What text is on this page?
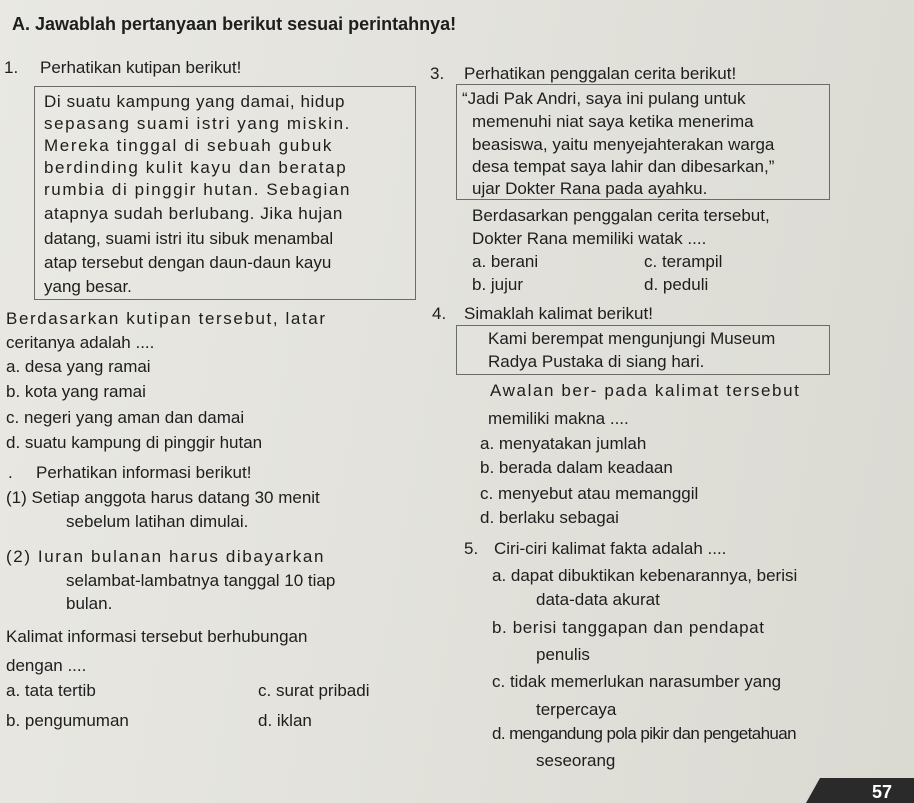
A. Jawablah pertanyaan berikut sesuai perintahnya!
1. Perhatikan kutipan berikut!
Di suatu kampung yang damai, hidup
sepasang suami istri yang miskin.
Mereka tinggal di sebuah gubuk
berdinding kulit kayu dan beratap
rumbia di pinggir hutan. Sebagian
atapnya sudah berlubang. Jika hujan
datang, suami istri itu sibuk menambal
atap tersebut dengan daun-daun kayu
yang besar.
Berdasarkan kutipan tersebut, latar
ceritanya adalah ....
a. desa yang ramai
b. kota yang ramai
c. negeri yang aman dan damai
d. suatu kampung di pinggir hutan
. Perhatikan informasi berikut!
(1) Setiap anggota harus datang 30 menit
sebelum latihan dimulai.
(2) Iuran bulanan harus dibayarkan
selambat-lambatnya tanggal 10 tiap
bulan.
Kalimat informasi tersebut berhubungan
dengan ....
a. tata tertib	c. surat pribadi
b. pengumuman	d. iklan
3. Perhatikan penggalan cerita berikut!
“Jadi Pak Andri, saya ini pulang untuk
memenuhi niat saya ketika menerima
beasiswa, yaitu menyejahterakan warga
desa tempat saya lahir dan dibesarkan,”
ujar Dokter Rana pada ayahku.
Berdasarkan penggalan cerita tersebut,
Dokter Rana memiliki watak ....
a. berani	c. terampil
b. jujur	d. peduli
4. Simaklah kalimat berikut!
Kami berempat mengunjungi Museum
Radya Pustaka di siang hari.
Awalan ber- pada kalimat tersebut
memiliki makna ....
a. menyatakan jumlah
b. berada dalam keadaan
c. menyebut atau memanggil
d. berlaku sebagai
5. Ciri-ciri kalimat fakta adalah ....
a. dapat dibuktikan kebenarannya, berisi
data-data akurat
b. berisi tanggapan dan pendapat
penulis
c. tidak memerlukan narasumber yang
terpercaya
d. mengandung pola pikir dan pengetahuan
seseorang
57
